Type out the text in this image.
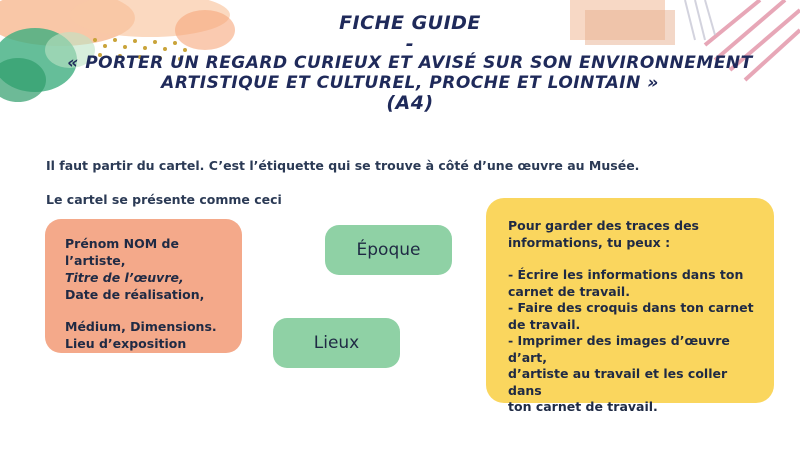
FICHE GUIDE
-
« PORTER UN REGARD CURIEUX ET AVISÉ SUR SON ENVIRONNEMENT
ARTISTIQUE ET CULTUREL, PROCHE ET LOINTAIN »
(A4)
Il faut partir du cartel. C’est l’étiquette qui se trouve à côté d’une œuvre au Musée.
Le cartel se présente comme ceci
Prénom NOM de l’artiste,
Titre de l’œuvre,
Date de réalisation,
Médium, Dimensions.
Lieu d’exposition
Époque
Lieux
Pour garder des traces des
informations, tu peux :
- Écrire les informations dans ton
carnet de travail.
- Faire des croquis dans ton carnet
de travail.
- Imprimer des images d’œuvre d’art,
d’artiste au travail et les coller dans
ton carnet de travail.
